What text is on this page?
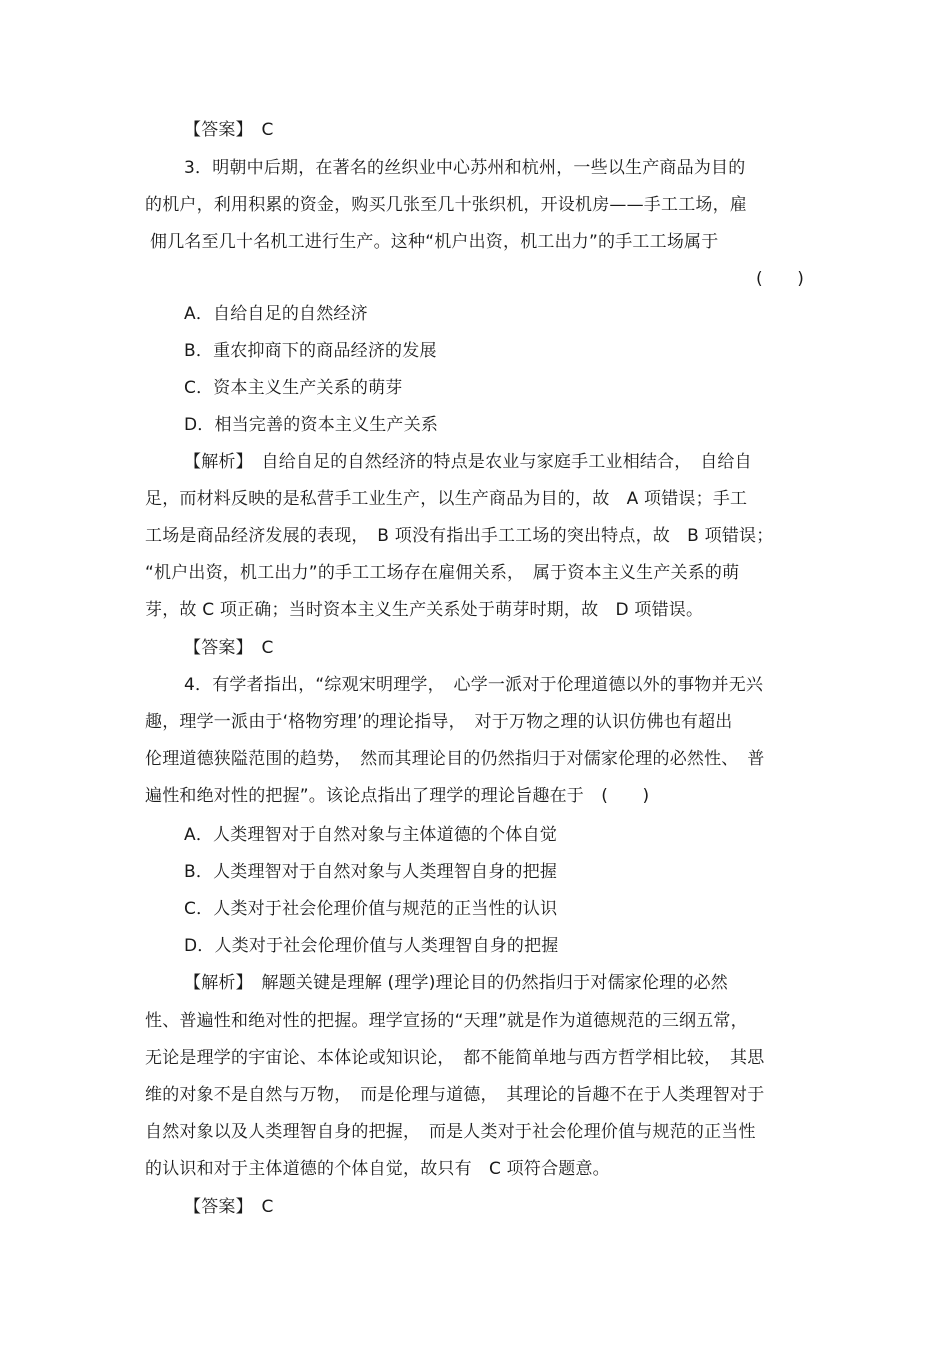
【答案】　C
3．明朝中后期，在著名的丝织业中心苏州和杭州，一些以生产商品为目的
的机户，利用积累的资金，购买几张至几十张织机，开设机房——手工工场，雇
佣几名至几十名机工进行生产。这种“机户出资，机工出力”的手工工场属于
(　　)
A．自给自足的自然经济
B．重农抑商下的商品经济的发展
C．资本主义生产关系的萌芽
D．相当完善的资本主义生产关系
【解析】　自给自足的自然经济的特点是农业与家庭手工业相结合，　自给自
足，而材料反映的是私营手工业生产，以生产商品为目的，故　A 项错误；手工
工场是商品经济发展的表现，　B 项没有指出手工工场的突出特点，故　B 项错误；
“机户出资，机工出力”的手工工场存在雇佣关系，　属于资本主义生产关系的萌
芽，故 C 项正确；当时资本主义生产关系处于萌芽时期，故　D 项错误。
【答案】　C
4．有学者指出，“综观宋明理学，　心学一派对于伦理道德以外的事物并无兴
趣，理学一派由于‘格物穷理’的理论指导，　对于万物之理的认识仿佛也有超出
伦理道德狭隘范围的趋势，　然而其理论目的仍然指归于对儒家伦理的必然性、　普
遍性和绝对性的把握”。该论点指出了理学的理论旨趣在于　(　　)
A．人类理智对于自然对象与主体道德的个体自觉
B．人类理智对于自然对象与人类理智自身的把握
C．人类对于社会伦理价值与规范的正当性的认识
D．人类对于社会伦理价值与人类理智自身的把握
【解析】　解题关键是理解 (理学)理论目的仍然指归于对儒家伦理的必然
性、普遍性和绝对性的把握。理学宣扬的“天理”就是作为道德规范的三纲五常，
无论是理学的宇宙论、本体论或知识论，　都不能简单地与西方哲学相比较，　其思
维的对象不是自然与万物，　而是伦理与道德，　其理论的旨趣不在于人类理智对于
自然对象以及人类理智自身的把握，　而是人类对于社会伦理价值与规范的正当性
的认识和对于主体道德的个体自觉，故只有　C 项符合题意。
【答案】　C
